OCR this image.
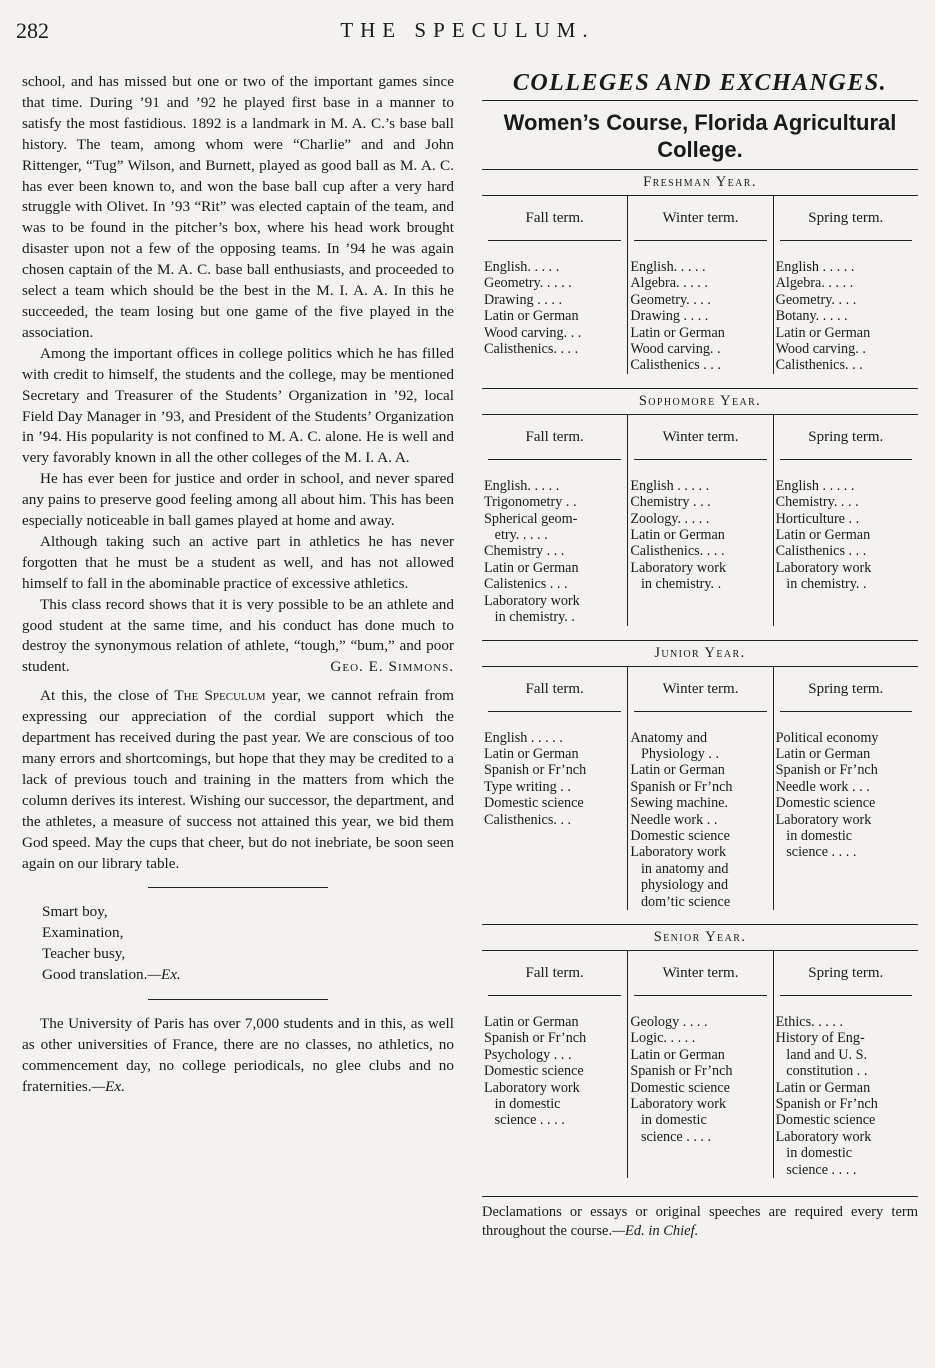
282	THE SPECULUM.

school, and has missed but one or two of the important games since that time. During ’91 and ’92 he played first base in a manner to satisfy the most fastidious. 1892 is a landmark in M. A. C.’s base ball history. The team, among whom were “Charlie” and and John Rittenger, “Tug” Wilson, and Burnett, played as good ball as M. A. C. has ever been known to, and won the base ball cup after a very hard struggle with Olivet. In ’93 “Rit” was elected captain of the team, and was to be found in the pitcher’s box, where his head work brought disaster upon not a few of the opposing teams. In ’94 he was again chosen captain of the M. A. C. base ball enthusiasts, and proceeded to select a team which should be the best in the M. I. A. A. In this he succeeded, the team losing but one game of the five played in the association.

Among the important offices in college politics which he has filled with credit to himself, the students and the college, may be mentioned Secretary and Treasurer of the Students’ Organization in ’92, local Field Day Manager in ’93, and President of the Students’ Organization in ’94. His popularity is not confined to M. A. C. alone. He is well and very favorably known in all the other colleges of the M. I. A. A.

He has ever been for justice and order in school, and never spared any pains to preserve good feeling among all about him. This has been especially noticeable in ball games played at home and away.

Although taking such an active part in athletics he has never forgotten that he must be a student as well, and has not allowed himself to fall in the abominable practice of excessive athletics.

This class record shows that it is very possible to be an athlete and good student at the same time, and his conduct has done much to destroy the synonymous relation of athlete, “tough,” “bum,” and poor student.	Geo. E. Simmons.

At this, the close of The Speculum year, we cannot refrain from expressing our appreciation of the cordial support which the department has received during the past year. We are conscious of too many errors and shortcomings, but hope that they may be credited to a lack of previous touch and training in the matters from which the column derives its interest. Wishing our successor, the department, and the athletes, a measure of success not attained this year, we bid them God speed. May the cups that cheer, but do not inebriate, be soon seen again on our library table.

Smart boy,
Examination,
Teacher busy,
Good translation.—Ex.

The University of Paris has over 7,000 students and in this, as well as other universities of France, there are no classes, no athletics, no commencement day, no college periodicals, no glee clubs and no fraternities.—Ex.

COLLEGES AND EXCHANGES.
Women’s Course, Florida Agricultural College.
Freshman Year.
Fall term.
English. . . . .
Geometry. . . . .
Drawing . . . .
Latin or German
Wood carving. . .
Calisthenics. . . .
Winter term.
English. . . . .
Algebra. . . . .
Geometry. . . .
Drawing . . . .
Latin or German
Wood carving. .
Calisthenics . . .
Spring term.
English . . . . .
Algebra. . . . .
Geometry. . . .
Botany. . . . .
Latin or German
Wood carving. .
Calisthenics. . .
Sophomore Year.
Fall term.
English. . . . .
Trigonometry . .
Spherical geom-
etry. . . . .
Chemistry . . .
Latin or German
Calistenics . . .
Laboratory work
in chemistry. .
Winter term.
English . . . . .
Chemistry . . .
Zoology. . . . .
Latin or German
Calisthenics. . . .
Laboratory work
in chemistry. .
Spring term.
English . . . . .
Chemistry. . . .
Horticulture . .
Latin or German
Calisthenics . . .
Laboratory work
in chemistry. .
Junior Year.
Fall term.
English . . . . .
Latin or German
Spanish or Fr’nch
Type writing . .
Domestic science
Calisthenics. . .
Winter term.
Anatomy and
Physiology . .
Latin or German
Spanish or Fr’nch
Sewing machine.
Needle work . .
Domestic science
Laboratory work
in anatomy and
physiology and
dom’tic science
Spring term.
Political economy
Latin or German
Spanish or Fr’nch
Needle work . . .
Domestic science
Laboratory work
in domestic
science . . . .
Senior Year.
Fall term.
Latin or German
Spanish or Fr’nch
Psychology . . .
Domestic science
Laboratory work
in domestic
science . . . .
Winter term.
Geology . . . .
Logic. . . . .
Latin or German
Spanish or Fr’nch
Domestic science
Laboratory work
in domestic
science . . . .
Spring term.
Ethics. . . . .
History of Eng-
land and U. S.
constitution . .
Latin or German
Spanish or Fr’nch
Domestic science
Laboratory work
in domestic
science . . . .
Declamations or essays or original speeches are required every term throughout the course.—Ed. in Chief.
